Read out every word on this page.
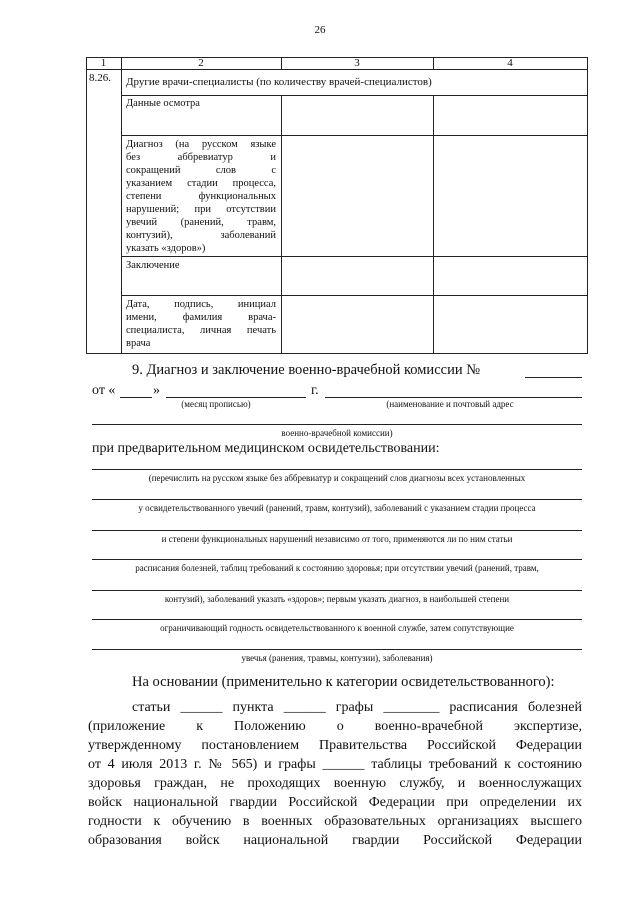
26
1	2	3	4
8.26. Другие врачи-специалисты (по количеству врачей-специалистов)
Данные осмотра
Диагноз (на русском языке
без аббревиатур и
сокращений слов с
указанием стадии процесса,
степени функциональных
нарушений; при отсутствии
увечий (ранений, травм,
контузий), заболеваний
указать «здоров»)
Заключение
Дата, подпись, инициал
имени, фамилия врача-
специалиста, личная печать
врача
9. Диагноз и заключение военно-врачебной комиссии №
от «	»	г.
(месяц прописью)	(наименование и почтовый адрес
военно-врачебной комиссии)
при предварительном медицинском освидетельствовании:
(перечислить на русском языке без аббревиатур и сокращений слов диагнозы всех установленных
у освидетельствованного увечий (ранений, травм, контузий), заболеваний с указанием стадии процесса
и степени функциональных нарушений независимо от того, применяются ли по ним статьи
расписания болезней, таблиц требований к состоянию здоровья; при отсутствии увечий (ранений, травм,
контузий), заболеваний указать «здоров»; первым указать диагноз, в наибольшей степени
ограничивающий годность освидетельствованного к военной службе, затем сопутствующие
увечья (ранения, травмы, контузии), заболевания)
На основании (применительно к категории освидетельствованного):
статьи ______ пункта ______ графы ________ расписания болезней
(приложение к Положению о военно-врачебной экспертизе,
утвержденному постановлением Правительства Российской Федерации
от 4 июля 2013 г. № 565) и графы ______ таблицы требований к состоянию
здоровья граждан, не проходящих военную службу, и военнослужащих
войск национальной гвардии Российской Федерации при определении их
годности к обучению в военных образовательных организациях высшего
образования войск национальной гвардии Российской Федерации
